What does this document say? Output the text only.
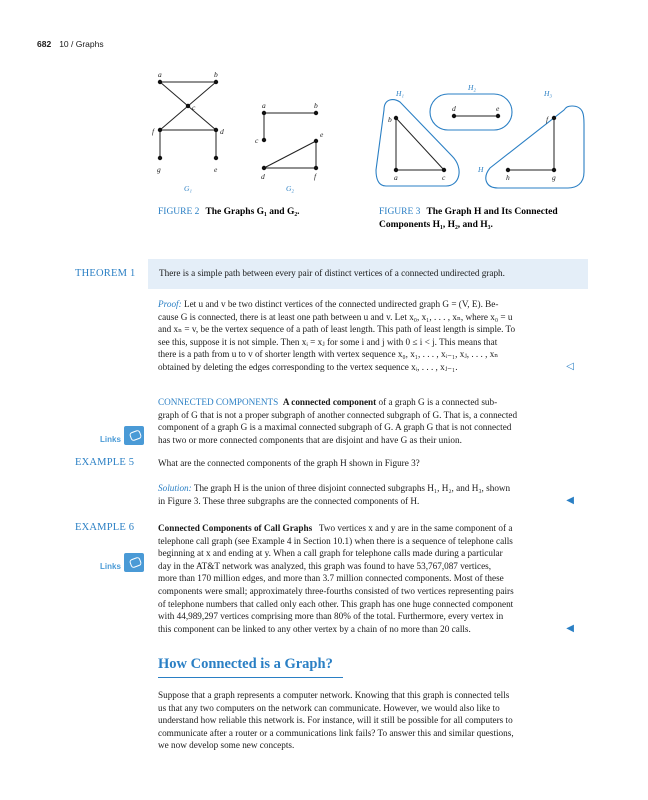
682 10 / Graphs
a	b
c
f	d
g	e
a	b
c
e
d	f
G₁	G₂
b
d	e
f
a	c	h	g
H₁
H₂
H₃
H
FIGURE 2 The Graphs G₁ and G₂.	FIGURE 3 The Graph H and Its Connected Components H₁, H₂, and H₃.
THEOREM 1	There is a simple path between every pair of distinct vertices of a connected undirected graph.
Proof: Let u and v be two distinct vertices of the connected undirected graph G = (V, E). Be-
cause G is connected, there is at least one path between u and v. Let x₀, x₁, . . . , xₙ, where x₀ = u
and xₙ = v, be the vertex sequence of a path of least length. This path of least length is simple. To
see this, suppose it is not simple. Then xᵢ = xⱼ for some i and j with 0 ≤ i < j. This means that
there is a path from u to v of shorter length with vertex sequence x₀, x₁, . . . , xᵢ₋₁, xⱼ, . . . , xₙ
obtained by deleting the edges corresponding to the vertex sequence xᵢ, . . . , xⱼ₋₁.	◁
CONNECTED COMPONENTS A connected component of a graph G is a connected sub-
graph of G that is not a proper subgraph of another connected subgraph of G. That is, a connected
component of a graph G is a maximal connected subgraph of G. A graph G that is not connected
has two or more connected components that are disjoint and have G as their union.
Links
EXAMPLE 5	What are the connected components of the graph H shown in Figure 3?
Solution: The graph H is the union of three disjoint connected subgraphs H₁, H₂, and H₃, shown
in Figure 3. These three subgraphs are the connected components of H.	◀
EXAMPLE 6	Connected Components of Call Graphs Two vertices x and y are in the same component of a
telephone call graph (see Example 4 in Section 10.1) when there is a sequence of telephone calls
beginning at x and ending at y. When a call graph for telephone calls made during a particular
day in the AT&T network was analyzed, this graph was found to have 53,767,087 vertices,
more than 170 million edges, and more than 3.7 million connected components. Most of these
components were small; approximately three-fourths consisted of two vertices representing pairs
of telephone numbers that called only each other. This graph has one huge connected component
with 44,989,297 vertices comprising more than 80% of the total. Furthermore, every vertex in
this component can be linked to any other vertex by a chain of no more than 20 calls.	◀
Links
How Connected is a Graph?
Suppose that a graph represents a computer network. Knowing that this graph is connected tells
us that any two computers on the network can communicate. However, we would also like to
understand how reliable this network is. For instance, will it still be possible for all computers to
communicate after a router or a communications link fails? To answer this and similar questions,
we now develop some new concepts.
